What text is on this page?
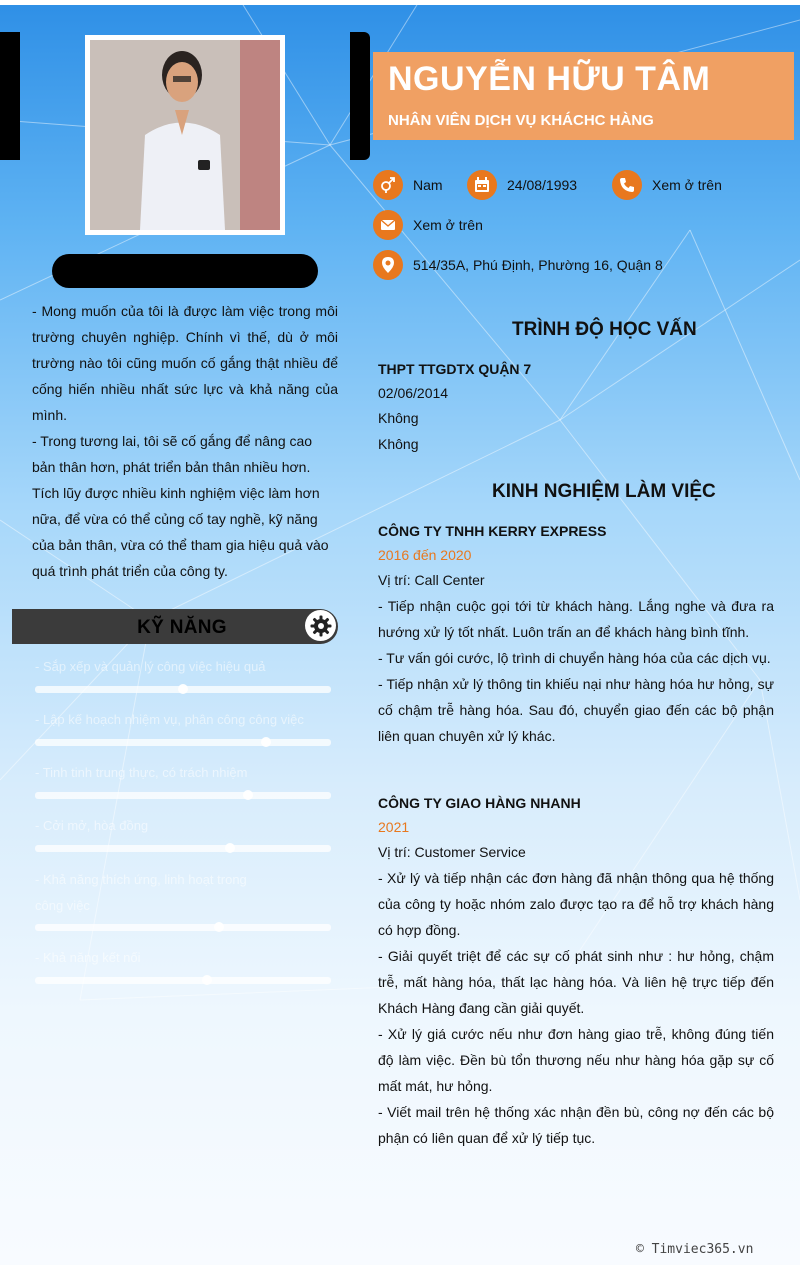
- Mong muốn của tôi là được làm việc trong môi trường chuyên nghiệp. Chính vì thế, dù ở môi trường nào tôi cũng muốn cố gắng thật nhiều để cống hiến nhiều nhất sức lực và khả năng của mình.

- Trong tương lai, tôi sẽ cố gắng để nâng cao bản thân hơn, phát triển bản thân nhiều hơn. Tích lũy được nhiều kinh nghiệm việc làm hơn nữa, để vừa có thể củng cố tay nghề, kỹ năng của bản thân, vừa có thể tham gia hiệu quả vào quá trình phát triển của công ty.

KỸ NĂNG
- Sắp xếp và quản lý công việc hiệu quả
- Lập kế hoạch nhiệm vụ, phân công công việc
- Tinh tinh trung thực, có trách nhiệm
- Cởi mở, hòa đồng
- Khả năng thích ứng, linh hoạt trong
công việc
- Khả năng kết nối
NGUYỄN HỮU TÂM
NHÂN VIÊN DỊCH VỤ KHÁCHC HÀNG
Nam	24/08/1993	Xem ở trên
Xem ở trên
514/35A, Phú Định, Phường 16, Quận 8
TRÌNH ĐỘ HỌC VẤN
THPT TTGDTX QUẬN 7
02/06/2014
Không
Không
KINH NGHIỆM LÀM VIỆC
CÔNG TY TNHH KERRY EXPRESS
2016 đến 2020
Vị trí: Call Center

- Tiếp nhận cuộc gọi tới từ khách hàng. Lắng nghe và đưa ra hướng xử lý tốt nhất. Luôn trấn an để khách hàng bình tĩnh.

- Tư vấn gói cước, lộ trình di chuyển hàng hóa của các dịch vụ.

- Tiếp nhận xử lý thông tin khiếu nại như hàng hóa hư hỏng, sự cố chậm trễ hàng hóa. Sau đó, chuyển giao đến các bộ phận liên quan chuyên xử lý khác.

CÔNG TY GIAO HÀNG NHANH
2021
Vị trí: Customer Service

- Xử lý và tiếp nhận các đơn hàng đã nhận thông qua hệ thống của công ty hoặc nhóm zalo được tạo ra để hỗ trợ khách hàng có hợp đồng.

- Giải quyết triệt để các sự cố phát sinh như : hư hỏng, chậm trễ, mất hàng hóa, thất lạc hàng hóa. Và liên hệ trực tiếp đến Khách Hàng đang cần giải quyết.

- Xử lý giá cước nếu như đơn hàng giao trễ, không đúng tiến độ làm việc. Đền bù tổn thương nếu như hàng hóa gặp sự cố mất mát, hư hỏng.

- Viết mail trên hệ thống xác nhận đền bù, công nợ đến các bộ phận có liên quan để xử lý tiếp tục.

© Timviec365.vn
